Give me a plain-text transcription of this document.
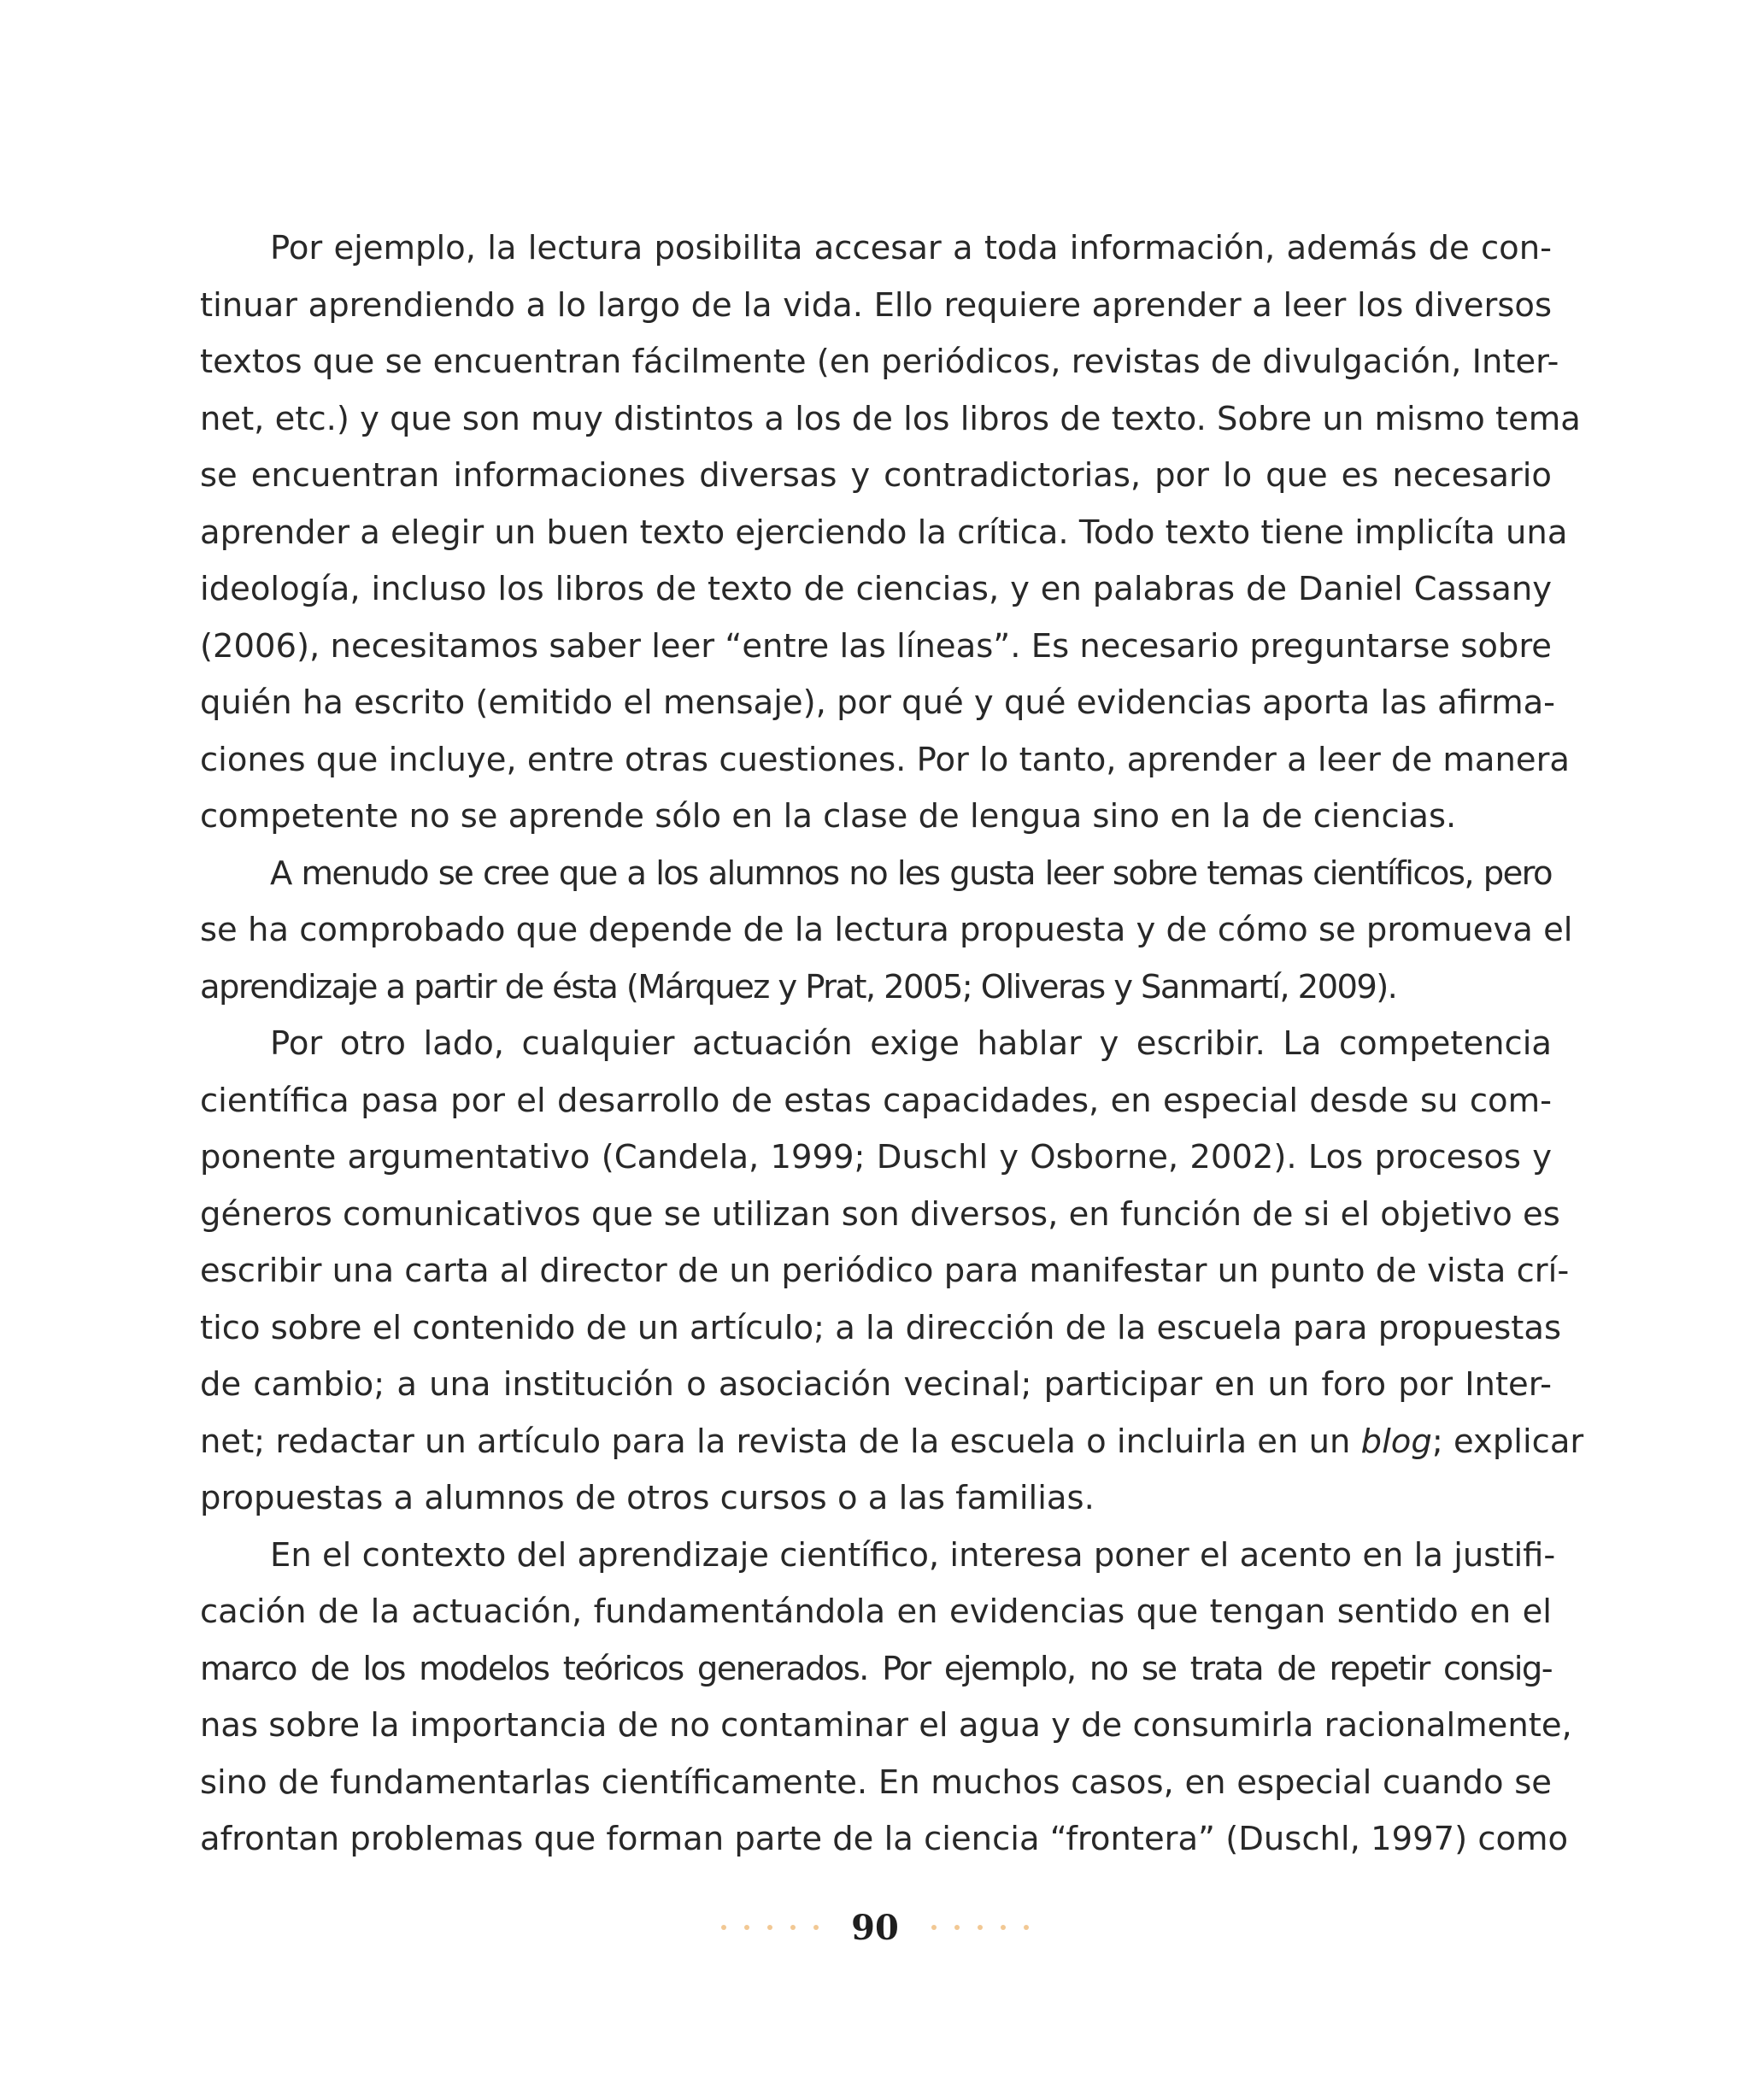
Por ejemplo, la lectura posibilita accesar a toda información, además de con-
tinuar aprendiendo a lo largo de la vida. Ello requiere aprender a leer los diversos
textos que se encuentran fácilmente (en periódicos, revistas de divulgación, Inter-
net, etc.) y que son muy distintos a los de los libros de texto. Sobre un mismo tema
se encuentran informaciones diversas y contradictorias, por lo que es necesario
aprender a elegir un buen texto ejerciendo la crítica. Todo texto tiene implicíta una
ideología, incluso los libros de texto de ciencias, y en palabras de Daniel Cassany
(2006), necesitamos saber leer “entre las líneas”. Es necesario preguntarse sobre
quién ha escrito (emitido el mensaje), por qué y qué evidencias aporta las afirma-
ciones que incluye, entre otras cuestiones. Por lo tanto, aprender a leer de manera
competente no se aprende sólo en la clase de lengua sino en la de ciencias.
A menudo se cree que a los alumnos no les gusta leer sobre temas científicos, pero
se ha comprobado que depende de la lectura propuesta y de cómo se promueva el
aprendizaje a partir de ésta (Márquez y Prat, 2005; Oliveras y Sanmartí, 2009).
Por otro lado, cualquier actuación exige hablar y escribir. La competencia
científica pasa por el desarrollo de estas capacidades, en especial desde su com-
ponente argumentativo (Candela, 1999; Duschl y Osborne, 2002). Los procesos y
géneros comunicativos que se utilizan son diversos, en función de si el objetivo es
escribir una carta al director de un periódico para manifestar un punto de vista crí-
tico sobre el contenido de un artículo; a la dirección de la escuela para propuestas
de cambio; a una institución o asociación vecinal; participar en un foro por Inter-
net; redactar un artículo para la revista de la escuela o incluirla en un blog; explicar
propuestas a alumnos de otros cursos o a las familias.
En el contexto del aprendizaje científico, interesa poner el acento en la justifi-
cación de la actuación, fundamentándola en evidencias que tengan sentido en el
marco de los modelos teóricos generados. Por ejemplo, no se trata de repetir consig-
nas sobre la importancia de no contaminar el agua y de consumirla racionalmente,
sino de fundamentarlas científicamente. En muchos casos, en especial cuando se
afrontan problemas que forman parte de la ciencia “frontera” (Duschl, 1997) como
90
